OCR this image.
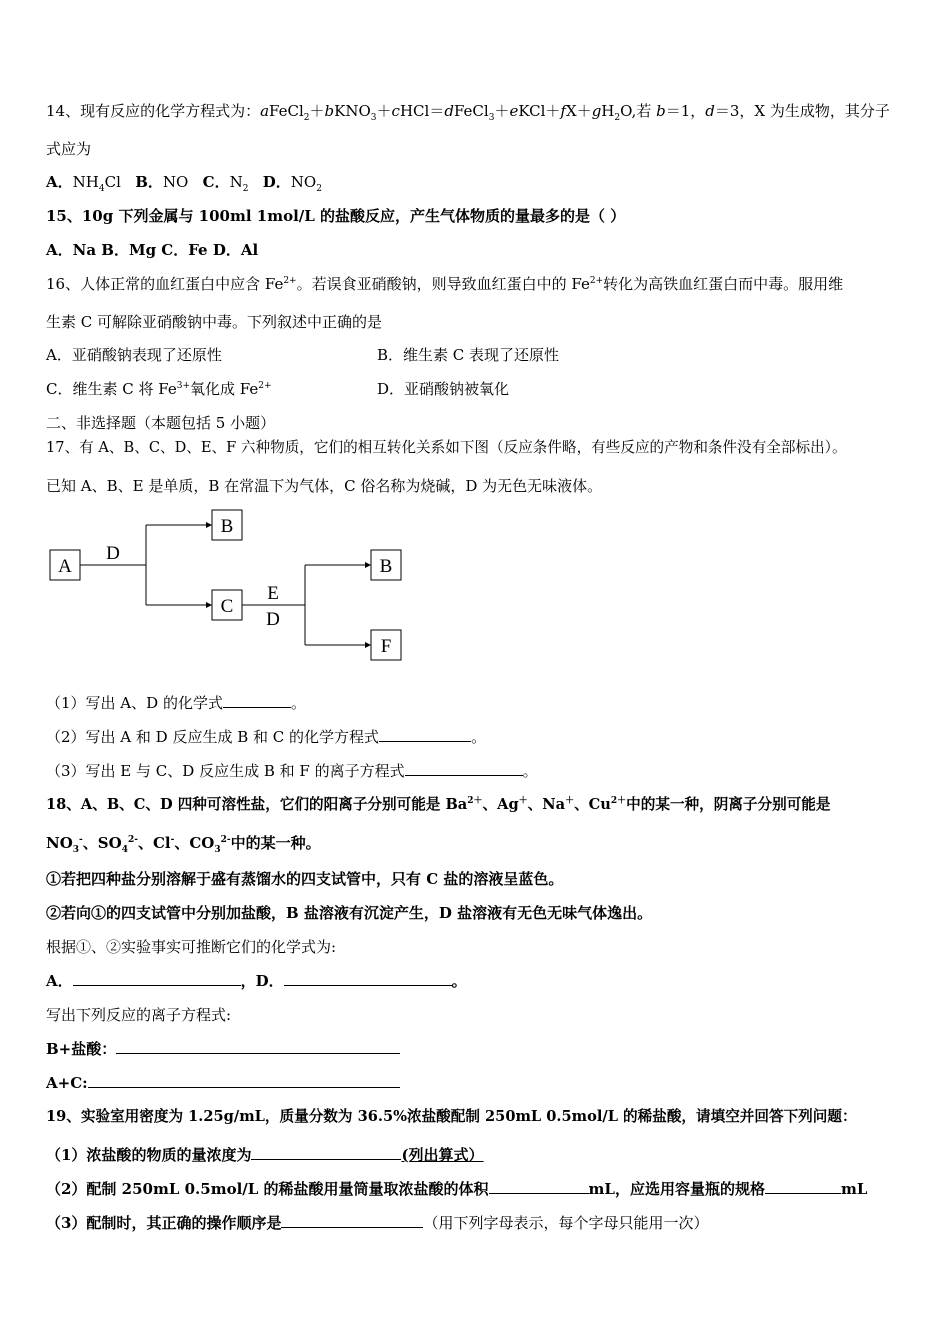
14、现有反应的化学方程式为：$aFeCl_2+bKNO_3+cHCl=dFeCl_3+eKCl+fX+gH_2O$,若 b＝1，d＝3，X 为生成物，其分子
式应为
A．$NH_4Cl$ B．NO C．$N_2$ D．$NO_2$
15、10g 下列金属与 100ml 1mol/L 的盐酸反应，产生气体物质的量最多的是（ ）
A．Na B．Mg C．Fe D．Al
16、人体正常的血红蛋白中应含 $Fe^{2+}$。若误食亚硝酸钠，则导致血红蛋白中的 $Fe^{2+}$转化为高铁血红蛋白而中毒。服用维
生素 C 可解除亚硝酸钠中毒。下列叙述中正确的是
A．亚硝酸钠表现了还原性	B．维生素 C 表现了还原性
C．维生素 C 将 $Fe^{3+}$氧化成 $Fe^{2+}$	D．亚硝酸钠被氧化
二、非选择题（本题包括 5 小题）
17、有 A、B、C、D、E、F 六种物质，它们的相互转化关系如下图（反应条件略，有些反应的产物和条件没有全部标出）。
已知 A、B、E 是单质，B 在常温下为气体，C 俗名称为烧碱，D 为无色无味液体。
A
D
B
C
E
D
B
F
（1）写出 A、D 的化学式	。
（2）写出 A 和 D 反应生成 B 和 C 的化学方程式	。
（3）写出 E 与 C、D 反应生成 B 和 F 的离子方程式	。
18、A、B、C、D 四种可溶性盐，它们的阳离子分别可能是 $Ba^{2+}$、Ag＋、Na＋、$Cu^{2+}$中的某一种，阴离子分别可能是
$NO_3^-$、$SO_4^{2-}$、Cl-、$CO_3^{2-}$中的某一种。
①若把四种盐分别溶解于盛有蒸馏水的四支试管中，只有 C 盐的溶液呈蓝色。
②若向①的四支试管中分别加盐酸，B 盐溶液有沉淀产生，D 盐溶液有无色无味气体逸出。
根据①、②实验事实可推断它们的化学式为:
A．	，D．	。
写出下列反应的离子方程式:
B+盐酸：
A+C:
19、实验室用密度为 1.25g/mL，质量分数为 36.5%浓盐酸配制 250mL 0.5mol/L 的稀盐酸，请填空并回答下列问题：
（1）浓盐酸的物质的量浓度为	(列出算式）
（2）配制 250mL 0.5mol/L 的稀盐酸用量筒量取浓盐酸的体积	mL，应选用容量瓶的规格	mL
（3）配制时，其正确的操作顺序是	（用下列字母表示，每个字母只能用一次）
